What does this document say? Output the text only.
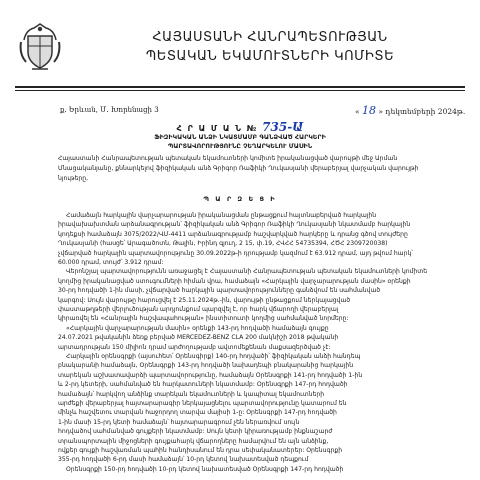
ՀԱՅԱՍՏԱՆԻ ՀԱՆՐԱՊԵՏՈՒԹՅԱՆ
ՊԵՏԱԿԱՆ ԵԿԱՄՈՒՏՆԵՐԻ ԿՈՄԻՏԵ
ք. Երևան, Մ. Խորենացի 3	« 18 » դեկտեմբերի 2024թ.
Հ Ր Ա Մ Ա Ն № 735-Ա
ՖԻԶԻԿԱԿԱՆ ԱՆՁԻ ՆԿԱՏՄԱՄԲ ԳԱՆՁՎԱԾ ՀԱՐԿԵՐԻ
ՊԱՐՏԱՎՈՐՈՒԹՅՈՒՆԸ ՉԵՂԱՐԿԵԼՈՒ ՄԱՍԻՆ
Հայաստանի Հանրապետության պետական եկամուտների կոմիտե իրականացված վարույթի մեջ Արման
Մնացականյանը, քննարկելով ֆիզիկական անձ Գրիգոր Ռաֆիկի Ղուկասյանի վերաբերյալ վարչական վարույթի
նյութերը,
Պ Ա Ր Զ Ե Ց Ի
Համաձայն հարկային վարչարարության իրականացման ընթացքում հայտնաբերված հարկային
իրավախախտման արձանագրության՝ ֆիզիկական անձ Գրիգոր Ռաֆիկի Ղուկասյանի նկատմամբ հարկային
կոդեքսի համաձայն 3075/2022/ՎՄ-4411 արձանագրությամբ հաշվարկված հարկերը և դրանց գծով տույժերը
Ղուկասյանի (հասցե՝ Արագածոտն, Թալին, Իրինդ գյուղ, 2 15, փ.19, ՀՎՀՀ 54735394, ՀԾՀ 2309720038)
չվճարված հարկային պարտավորությունը 30.09.2022թ-ի դրությամբ կազմում է 63.912 դրամ, այդ թվում հարկ՝
60.000 դրամ, տույժ՝ 3.912 դրամ:
Վերոնշյալ պարտավորությունն առաջացել է Հայաստանի Հանրապետության պետական եկամուտների կոմիտե
կողմից իրականացված ստուգումների հիման վրա, համաձայն «Հարկային վարչարարության մասին» օրենքի
30-րդ հոդվածի 1-ին մասի, չվճարված հարկային պարտավորությունները գանձվում են սահմանված
կարգով: Սույն վարույթը հարուցվել է 25.11.2024թ.-ին, վարույթի ընթացքում ներկայացված
փաստաթղթերի վերլուծության արդյունքում պարզվել է, որ հարկ վճարողի վերաբերյալ
կիրառվել են «Հանրային հաշվապահության» ինստիտուտի կողմից սահմանված նորմերը:
«Հարկային վարչարարության մասին» օրենքի 143-րդ հոդվածի համաձայն գույքը
24.07.2021 թվականին ձեռք բերված MERCEDEZ-BENZ CLA 200 մակնիշի 2018 թվականի
արտադրության 150 միլիոն դրամ արժողությամբ ավտոմեքենան մաքսազերծված չէ:
Հարկային օրենսգրքի (այսուհետ՝ Օրենսգիրք) 140-րդ հոդվածի՝ ֆիզիկական անձի հանդեպ
բնակարանի համաձայն, Օրենսգրքի 143-րդ հոդվածի նախադեպի բնակարանից հարկային
տարեկան աշխատավարձի պարտավորությունը, համաձայն Օրենսգրքի 141-րդ հոդվածի 1-ին
և 2-րդ կետերի, սահմանված են հարկատուների նկատմամբ: Օրենսգրքի 147-րդ հոդվածի
համաձայն՝ հարկվող անձինք տարեկան եկամուտների և կապիտալ եկամուտների
արժեքի վերաբերյալ հայտարարագիր ներկայացնելու պարտավորությունը կատարում են
մինչև հաշվետու տարվան հաջորդող տարվա մայիսի 1-ը: Օրենսգրքի 147-րդ հոդվածի
1-ին մասի 15-րդ կետի համաձայն՝ հայտարարագրում չեն ներառվում սույն
հոդվածով սահմանված գույքերի նկատմամբ: Սույն կետի կիրառությամբ ինքնաշարժ
տրանսպորտային միջոցների գույքահարկ վճարողները համարվում են այն անձինք,
ովքեր գույքի հաշվառման պահին հանդիսանում են դրա սեփականատերեր: Օրենսգրքի
355-րդ հոդվածի 6-րդ մասի համաձայն՝ 10-րդ կետով նախատեսված դեպքում
Օրենսգրքի 150-րդ հոդվածի 10-րդ կետով նախատեսված Օրենսգրքի 147-րդ հոդվածի
